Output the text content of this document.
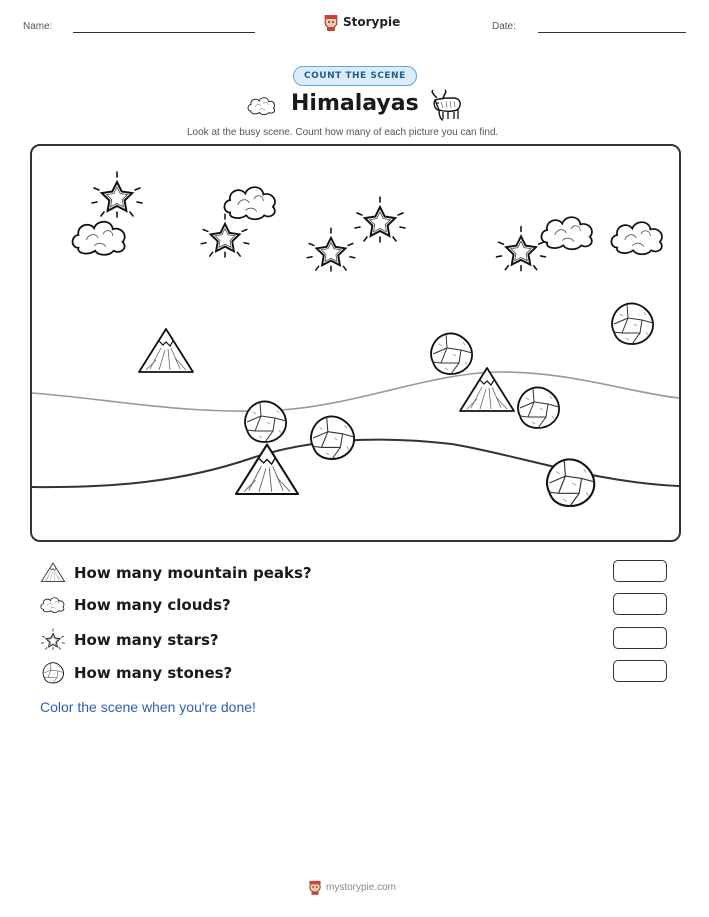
Name:	Storypie	Date:
COUNT THE SCENE
Himalayas
Look at the busy scene. Count how many of each picture you can find.
How many mountain peaks?
How many clouds?
How many stars?
How many stones?
Color the scene when you're done!
mystorypie.com
